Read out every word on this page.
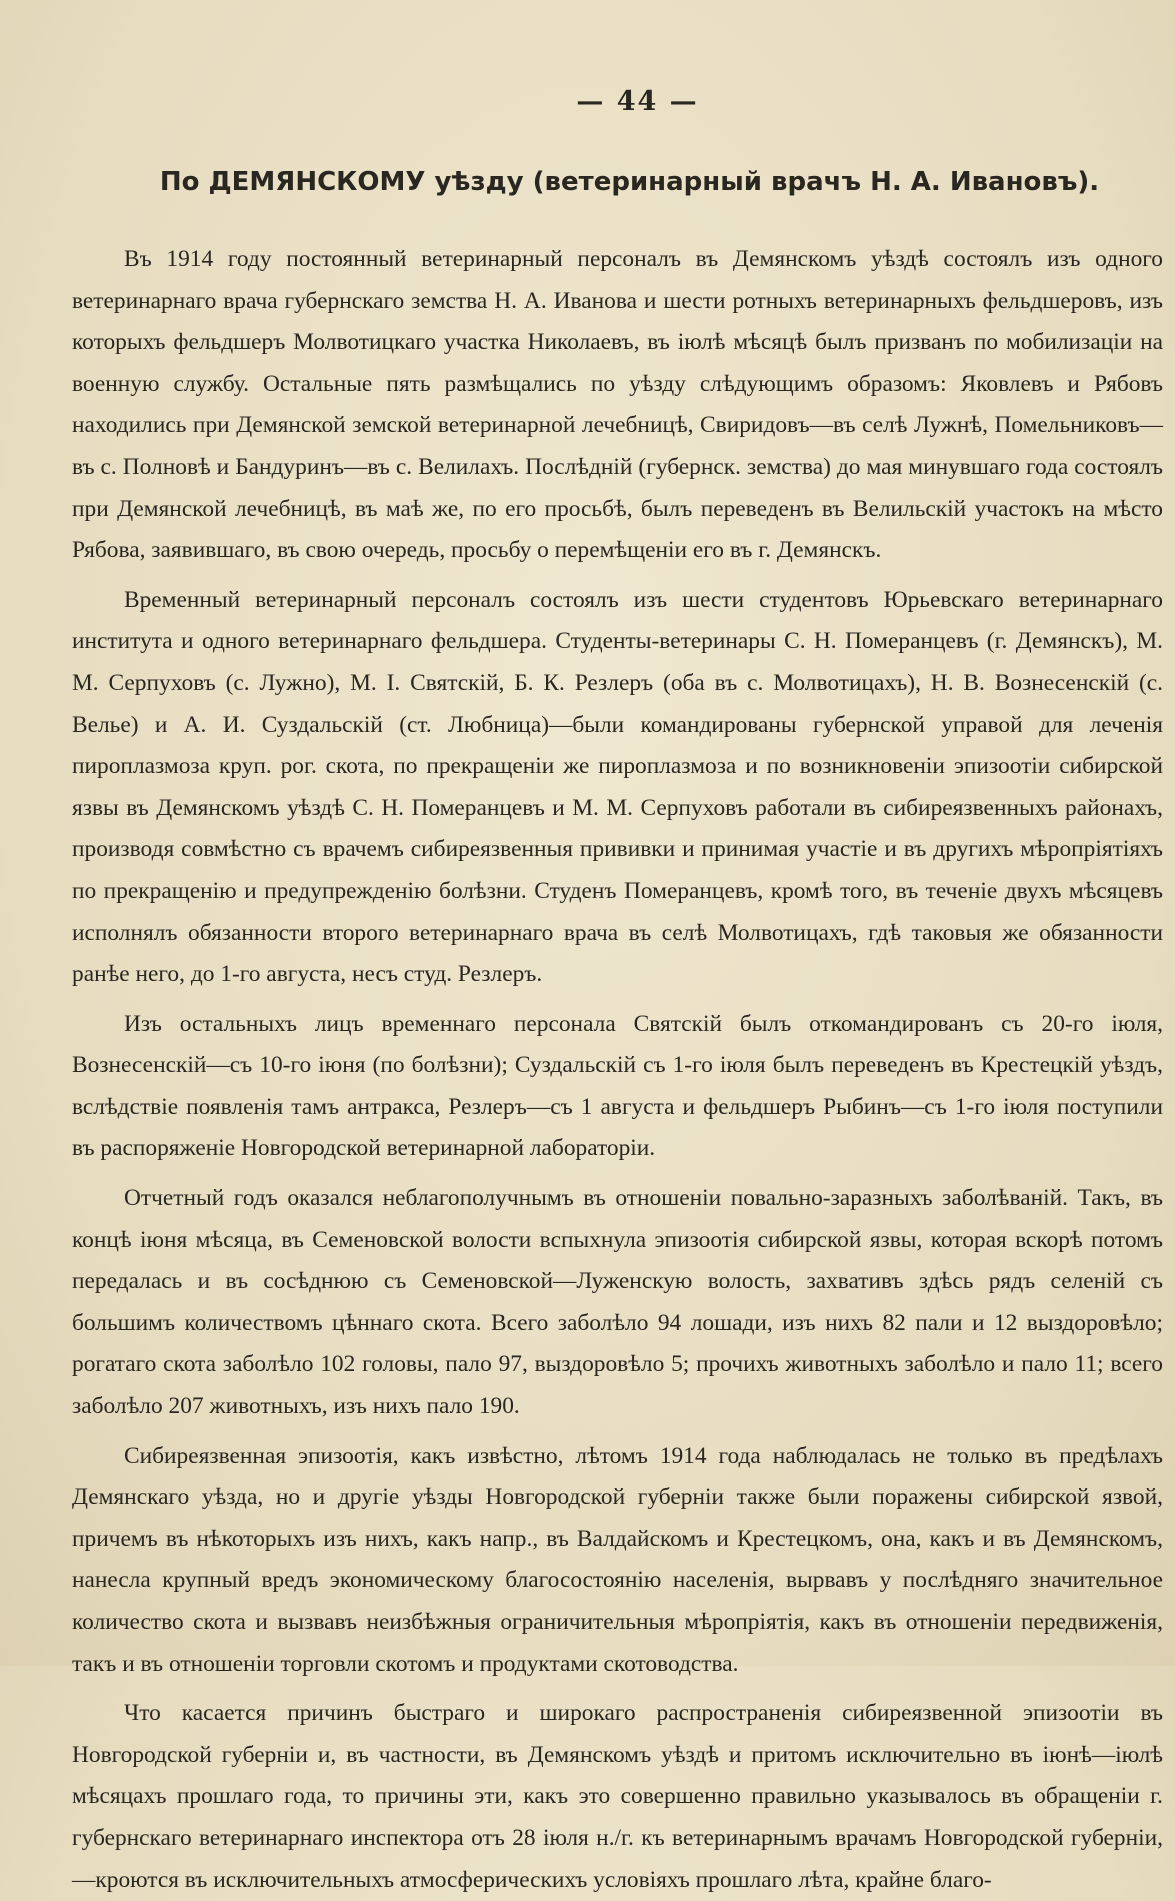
— 44 —
По ДЕМЯНСКОМУ уѣзду (ветеринарный врачъ Н. А. Ивановъ).

Въ 1914 году постоянный ветеринарный персоналъ въ Демянскомъ уѣздѣ состоялъ изъ одного ветеринарнаго врача губернскаго земства Н. А. Иванова и шести ротныхъ ветеринарныхъ фельдшеровъ, изъ которыхъ фельдшеръ Молвотицкаго участка Николаевъ, въ іюлѣ мѣсяцѣ былъ призванъ по мобилизаціи на военную службу. Остальные пять размѣщались по уѣзду слѣдующимъ образомъ: Яковлевъ и Рябовъ находились при Демянской земской ветеринарной лечебницѣ, Свиридовъ—въ селѣ Лужнѣ, Помельниковъ—въ с. Полновѣ и Бандуринъ—въ с. Велилахъ. Послѣдній (губернск. земства) до мая минувшаго года состоялъ при Демянской лечебницѣ, въ маѣ же, по его просьбѣ, былъ переведенъ въ Велильскій участокъ на мѣсто Рябова, заявившаго, въ свою очередь, просьбу о перемѣщеніи его въ г. Демянскъ.

Временный ветеринарный персоналъ состоялъ изъ шести студентовъ Юрьевскаго ветеринарнаго института и одного ветеринарнаго фельдшера. Студенты-ветеринары С. Н. Померанцевъ (г. Демянскъ), М. М. Серпуховъ (с. Лужно), М. І. Святскій, Б. К. Резлеръ (оба въ с. Молвотицахъ), Н. В. Вознесенскій (с. Велье) и А. И. Суздальскій (ст. Любница)—были командированы губернской управой для леченія пироплазмоза круп. рог. скота, по прекращеніи же пироплазмоза и по возникновеніи эпизоотіи сибирской язвы въ Демянскомъ уѣздѣ С. Н. Померанцевъ и М. М. Серпуховъ работали въ сибиреязвенныхъ районахъ, производя совмѣстно съ врачемъ сибиреязвенныя прививки и принимая участіе и въ другихъ мѣропріятіяхъ по прекращенію и предупрежденію болѣзни. Студенъ Померанцевъ, кромѣ того, въ теченіе двухъ мѣсяцевъ исполнялъ обязанности второго ветеринарнаго врача въ селѣ Молвотицахъ, гдѣ таковыя же обязанности ранѣе него, до 1-го августа, несъ студ. Резлеръ.

Изъ остальныхъ лицъ временнаго персонала Святскій былъ откомандированъ съ 20-го іюля, Вознесенскій—съ 10-го іюня (по болѣзни); Суздальскій съ 1-го іюля былъ переведенъ въ Крестецкій уѣздъ, вслѣдствіе появленія тамъ антракса, Резлеръ—съ 1 августа и фельдшеръ Рыбинъ—съ 1-го іюля поступили въ распоряженіе Новгородской ветеринарной лабораторіи.

Отчетный годъ оказался неблагополучнымъ въ отношеніи повально-заразныхъ заболѣваній. Такъ, въ концѣ іюня мѣсяца, въ Семеновской волости вспыхнула эпизоотія сибирской язвы, которая вскорѣ потомъ передалась и въ сосѣднюю съ Семеновской—Луженскую волость, захвативъ здѣсь рядъ селеній съ большимъ количествомъ цѣннаго скота. Всего заболѣло 94 лошади, изъ нихъ 82 пали и 12 выздоровѣло; рогатаго скота заболѣло 102 головы, пало 97, выздоровѣло 5; прочихъ животныхъ заболѣло и пало 11; всего заболѣло 207 животныхъ, изъ нихъ пало 190.

Сибиреязвенная эпизоотія, какъ извѣстно, лѣтомъ 1914 года наблюдалась не только въ предѣлахъ Демянскаго уѣзда, но и другіе уѣзды Новгородской губерніи также были поражены сибирской язвой, причемъ въ нѣкоторыхъ изъ нихъ, какъ напр., въ Валдайскомъ и Крестецкомъ, она, какъ и въ Демянскомъ, нанесла крупный вредъ экономическому благосостоянію населенія, вырвавъ у послѣдняго значительное количество скота и вызвавъ неизбѣжныя ограничительныя мѣропріятія, какъ въ отношеніи передвиженія, такъ и въ отношеніи торговли скотомъ и продуктами скотоводства.

Что касается причинъ быстраго и широкаго распространенія сибиреязвенной эпизоотіи въ Новгородской губерніи и, въ частности, въ Демянскомъ уѣздѣ и притомъ исключительно въ іюнѣ—іюлѣ мѣсяцахъ прошлаго года, то причины эти, какъ это совершенно правильно указывалось въ обращеніи г. губернскаго ветеринарнаго инспектора отъ 28 іюля н./г. къ ветеринарнымъ врачамъ Новгородской губерніи,—кроются въ исключительныхъ атмосферическихъ условіяхъ прошлаго лѣта, крайне благо-
